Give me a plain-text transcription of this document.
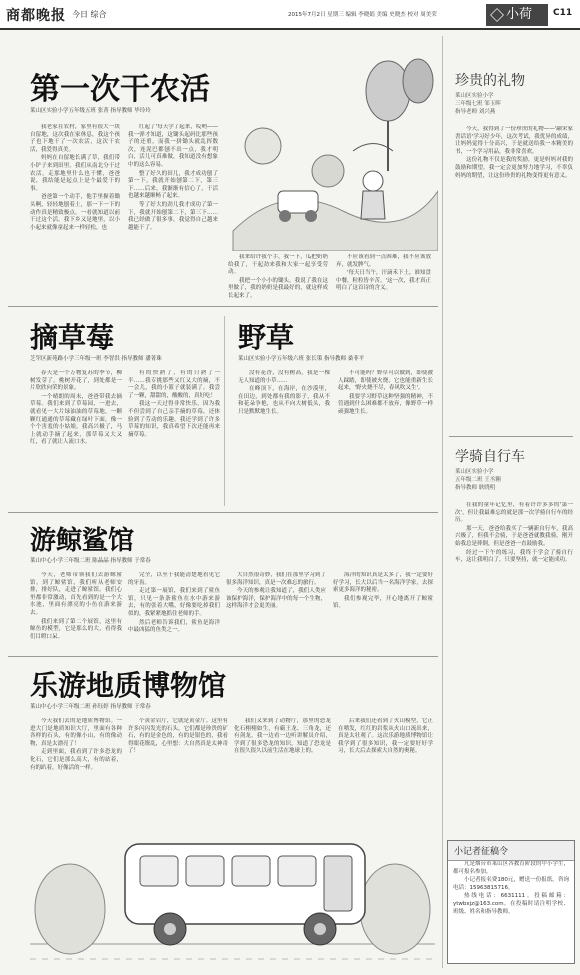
商都晚报 今日 综合	2015年7月2日 星期三 编辑 李晓娟 美编 史晓杰 校对 周美荣	小荷	C11
第一次干农活
莱山区实验小学五年级五班 张菁 指导教师 毕玲玲

我老家在农村，家里有很大一块自留地，这次我在家休息，我这个孩子也下地干了一次农活，这次干农活，我爱得真美。

妈妈在自留地长满了草，我们带小铲子来到田里。我们从南北分干过农活，走那地里什么也干懂，爸爸说，我结能是起点上是个最爱干的事。

爸爸第一个动手，他手里握着锄头啊，轻轻地刨着土，那一下一下的动作真是精致极点。一看就知道以前干过这个活。我下乡又是地里，以小小起来就像童起来一样轻松，也

红起了'每天学了起来，哎哟——我一弹才知道，这锄头起码比那些孩子的还重，而我一拼锄头就乱挥数次，连泥巴都刨不出一点，我才明白，活儿可真难做，我知道没有想象中的这么容易。

整了好久的田儿，我才成功刨了第一下，我就开始刨第二下，第三下……后来，我渐渐有信心了，干活也越来越顺畅了起来。

等了好大的劲儿我才成功了第一下，我就开始刨第二下，第三下……我已经做了很多事，我觉得自己越来越能干了。

我来给许我个手，我一下，瓜把奶奶给我了，干起劲来我和大家一起享受劳动。

我把一个小小的锄头，我说了我在这里做了，我的奶奶是我最好的，就这样成长起来了。

不应该看到一点困难，我不应该放弃，就发脾气。

'每天日当午，汗滴禾下土，谁知盘中餐，粒粒皆辛苦。'这一次，我才真正明白了这首诗的含义。

摘草莓
芝罘区新苑路小学三年级一班 李智洪 指导教师 潘菁珠

春天是一个万物复苏的季节，柳树发芽了，桃树开花了，到处都是一片欣欣向荣的景象。

一个晴朗的周末，爸爸带我去摘草莓。我们来到了草莓园，一进去，就看见一大片绿油油的草莓地，一颗颗红通通的草莓藏在绿叶下面，像一个个害羞的小姑娘。我高兴极了，马上就动手摘了起来，那草莓又大又红，看了就让人流口水。

有的快熟了，有的只熟了一半……我专挑那些又红又大的摘，不一会儿，我的小篮子就装满了。我尝了一颗，甜甜的，酸酸的，真好吃！

我这一天过得非常快乐，因为我不但尝到了自己亲手摘的草莓，还体验到了劳动的乐趣。我还学到了许多草莓的知识，我真希望下次还能再来摘草莓。

野草
莱山区实验小学五年级六班 张长策 指导教师 桑菲平

没有花香，没有树高，我是一棵无人知道的小草……

在峰顶下，在海岸，在沙漠里，在田边，到处都有我的影子，我从不和花朵争艳，也从不向大树低头，我只是默默地生长。

不可能吗？野草可以做到，即使被人踩踏，即使被火烧，它也能重新生长起来，'野火烧不尽，春风吹又生'。

我要学习野草这种坚强的精神，不管遇到什么困难都不放弃，像野草一样顽强地生长。

游鲸鲨馆
莱山中心小学三年级二班 陈晶晶 指导教师 于常春

今天，老师带领我们去游鲸鲨馆，到了鲸鲨馆，我们听从老师安排，排好队，走进了鲸鲨馆。我们心里都非常激动，首先看到的是一个大水池，里面有漂亮的小鱼在游来游去。

我们来到了第二个展馆，这里有鲸鱼的模型，它是那么的大，看得我们目瞪口呆。

完全，以至于我能清楚地看见它的牙齿。

走过第一展馆，我们来到了鲨鱼馆，只见一条条鲨鱼在水中游来游去，有的张着大嘴，好像要吃掉我们似的，我紧紧地抓住老师的手。

然后老师告诉我们，鲨鱼是海洋中最凶猛的鱼类之一。

大自然很奇妙，我们在那里学习到了很多海洋知识，真是一次难忘的旅行。

今天的参观让我知道了，我们人类应该保护海洋，保护海洋中的每一个生物，这样海洋才会更美丽。

海洋的知识真是太多了，我一定要好好学习，长大以后当一名海洋学家，去探索更多海洋的秘密。

我们参观完毕，开心地离开了鲸鲨馆。

乐游地质博物馆
莱山中心小学三年级二班 孙钰婷 指导教师 于常春

今天我们去的是地质博物馆。一进大门是地质知识大厅，里面有各种各样的石头，有的像小山，有的像动物，真是太漂亮了！

走到里面，我看到了许多恐龙的化石，它们是那么高大，有的站着，有的趴着，好像活的一样。

个黄金岩厅，它就是黄金厅。这里有许多闪闪发光的石头，它们都是珍贵的矿石，有的是金色的，有的是银色的，我看得眼花缭乱，心里想：大自然真是太神奇了！

我们又来到了动物厅，那里的恐龙化石栩栩如生，有霸王龙、三角龙，还有剑龙。我一边看一边听讲解员介绍，学到了很多恐龙的知识，知道了恐龙是在很久很久以前生活在地球上的。

后来我们还看到了火山模型，它正在喷发，红红的岩浆从火山口流出来，真是太壮观了。这次乐游地质博物馆让我学到了很多知识，我一定要好好学习，长大后去探索大自然的奥秘。

珍贵的礼物
莱山区实验小学
三年级七班 邹玉晖
指导老师 刘兴燕

今天，我得到了一份珍贵的礼物——'颛宋家書话语'学习好少年，这次考试，我优异的成绩，让妈妈觉得十分高兴，于是就送给我一本精美的书，一个学习用品，我非常喜欢。

这份礼物不仅是我的奖励，更是妈妈对我的鼓励和期望。我一定会更加努力地学习，不辜负妈妈的期望，让这份珍贵的礼物变得更有意义。

学骑自行车
莱山区实验小学
五年级二班 王丞翱
指导教师 耿晓明

在我的童年记忆里，有着许许多多的'第一次'，但让我最难忘的就是那一次学骑自行车的经历。

那一天，爸爸给我买了一辆新自行车，我高兴极了，但我不会骑，于是爸爸就教我骑。刚开始我总是摔倒，但是爸爸一直鼓励我。

经过一下午的练习，我终于学会了骑自行车，这让我明白了，只要坚持，就一定能成功。

小记者征稿令

凡是烟台市莱山区各教育阶段的中小学生，都可报名参加。

小记者报名费180元，赠送一份报纸。咨询电话：15963815716。

热线电话：6631111。投稿邮箱：ytwbxjz@163.com。在投稿时请注明学校、班级、姓名和指导教师。
